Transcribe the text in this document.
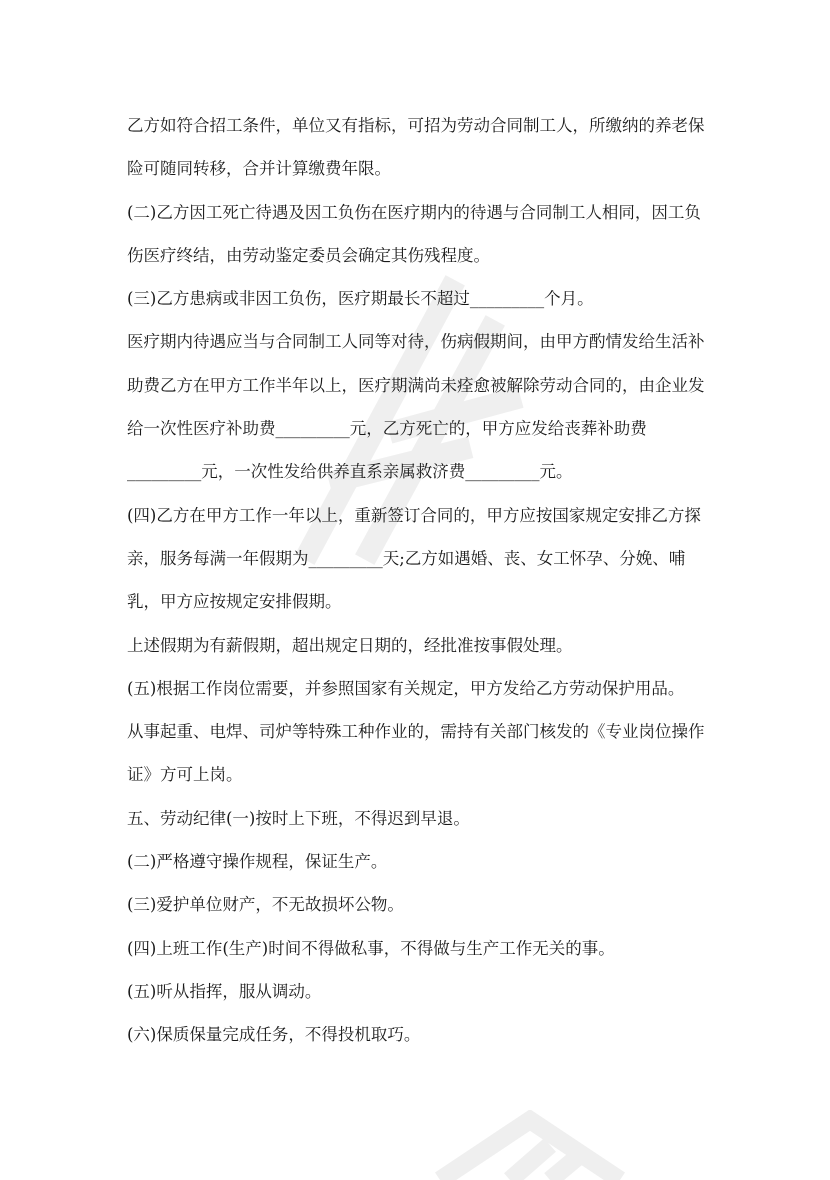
乙方如符合招工条件，单位又有指标，可招为劳动合同制工人，所缴纳的养老保
险可随同转移，合并计算缴费年限。
(二)乙方因工死亡待遇及因工负伤在医疗期内的待遇与合同制工人相同，因工负
伤医疗终结，由劳动鉴定委员会确定其伤残程度。
(三)乙方患病或非因工负伤，医疗期最长不超过_________个月。
医疗期内待遇应当与合同制工人同等对待，伤病假期间，由甲方酌情发给生活补
助费乙方在甲方工作半年以上，医疗期满尚未痊愈被解除劳动合同的，由企业发
给一次性医疗补助费_________元，乙方死亡的，甲方应发给丧葬补助费
_________元，一次性发给供养直系亲属救济费_________元。
(四)乙方在甲方工作一年以上，重新签订合同的，甲方应按国家规定安排乙方探
亲，服务每满一年假期为_________天;乙方如遇婚、丧、女工怀孕、分娩、哺
乳，甲方应按规定安排假期。
上述假期为有薪假期，超出规定日期的，经批准按事假处理。
(五)根据工作岗位需要，并参照国家有关规定，甲方发给乙方劳动保护用品。
从事起重、电焊、司炉等特殊工种作业的，需持有关部门核发的《专业岗位操作
证》方可上岗。
五、劳动纪律(一)按时上下班，不得迟到早退。
(二)严格遵守操作规程，保证生产。
(三)爱护单位财产，不无故损坏公物。
(四)上班工作(生产)时间不得做私事，不得做与生产工作无关的事。
(五)听从指挥，服从调动。
(六)保质保量完成任务，不得投机取巧。
